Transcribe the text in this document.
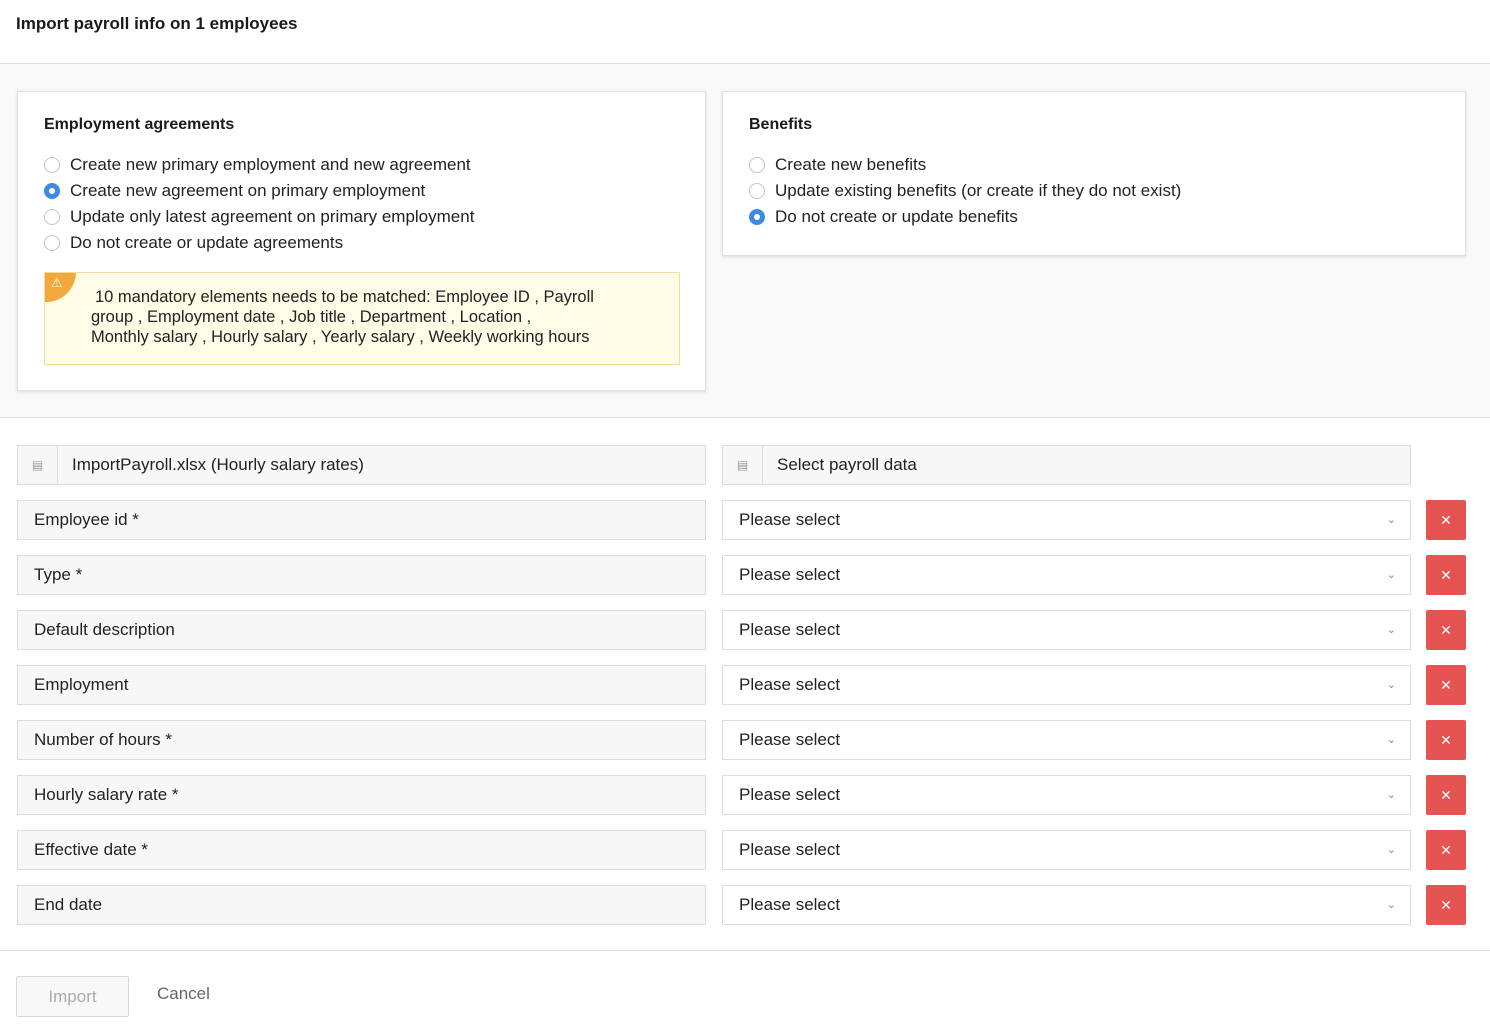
Import payroll info on 1 employees
Employment agreements
Create new primary employment and new agreement
Create new agreement on primary employment
Update only latest agreement on primary employment
Do not create or update agreements
⚠
10 mandatory elements needs to be matched: Employee ID , Payroll
group , Employment date , Job title , Department , Location ,
Monthly salary , Hourly salary , Yearly salary , Weekly working hours
Benefits
Create new benefits
Update existing benefits (or create if they do not exist)
Do not create or update benefits
▤	ImportPayroll.xlsx (Hourly salary rates)	▤	Select payroll data
Employee id *	Please select	⌄	✕
Type *	Please select	⌄	✕
Default description	Please select	⌄	✕
Employment	Please select	⌄	✕
Number of hours *	Please select	⌄	✕
Hourly salary rate *	Please select	⌄	✕
Effective date *	Please select	⌄	✕
End date	Please select	⌄	✕
Import	Cancel
